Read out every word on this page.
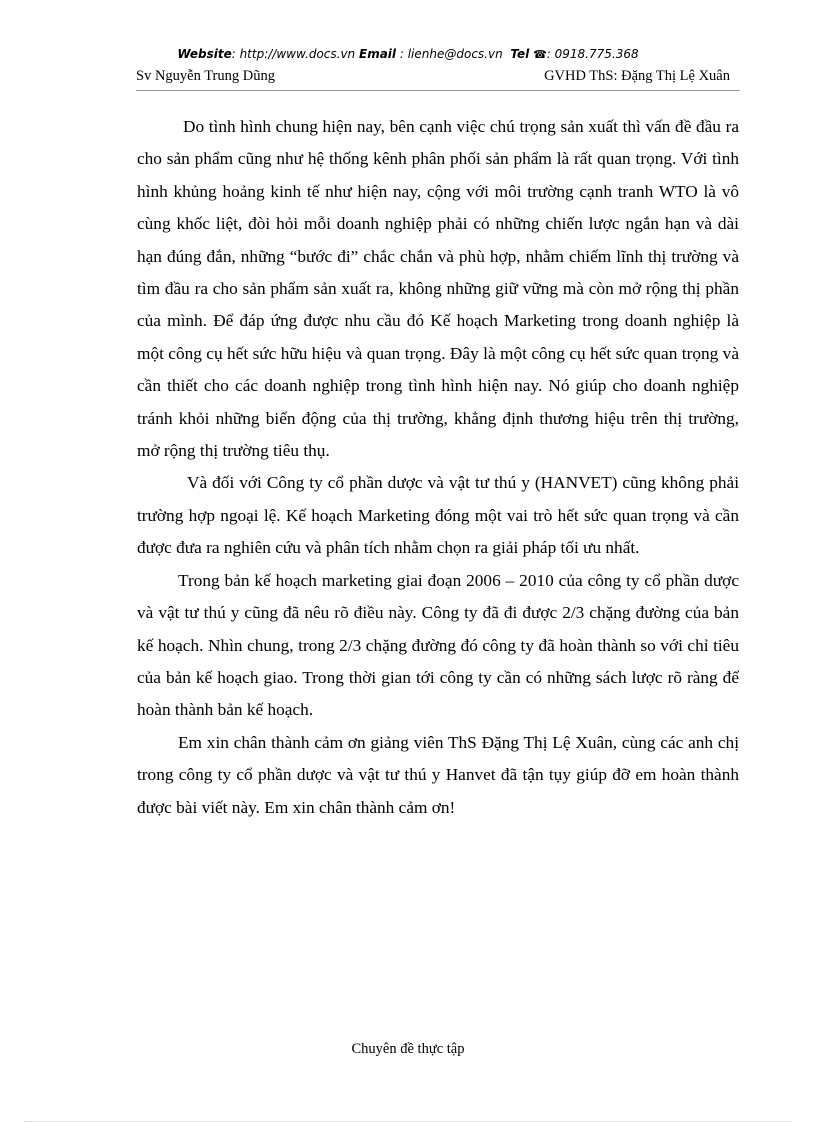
Website: http://www.docs.vn Email : lienhe@docs.vn Tel ☎: 0918.775.368
Sv Nguyễn Trung Dũng	GVHD ThS: Đặng Thị Lệ Xuân

Do tình hình chung hiện nay, bên cạnh việc chú trọng sản xuất thì vấn đề đầu ra cho sản phẩm cũng như hệ thống kênh phân phối sản phẩm là rất quan trọng. Với tình hình khủng hoảng kinh tế như hiện nay, cộng với môi trường cạnh tranh WTO là vô cùng khốc liệt, đòi hỏi mỗi doanh nghiệp phải có những chiến lược ngắn hạn và dài hạn đúng đắn, những “bước đi” chắc chắn và phù hợp, nhằm chiếm lĩnh thị trường và tìm đầu ra cho sản phẩm sản xuất ra, không những giữ vững mà còn mở rộng thị phần của mình. Để đáp ứng được nhu cầu đó Kế hoạch Marketing trong doanh nghiệp là một công cụ hết sức hữu hiệu và quan trọng. Đây là một công cụ hết sức quan trọng và cần thiết cho các doanh nghiệp trong tình hình hiện nay. Nó giúp cho doanh nghiệp tránh khỏi những biến động của thị trường, khẳng định thương hiệu trên thị trường, mở rộng thị trường tiêu thụ.

Và đối với Công ty cổ phần dược và vật tư thú y (HANVET) cũng không phải trường hợp ngoại lệ. Kế hoạch Marketing đóng một vai trò hết sức quan trọng và cần được đưa ra nghiên cứu và phân tích nhằm chọn ra giải pháp tối ưu nhất.

Trong bản kế hoạch marketing giai đoạn 2006 – 2010 của công ty cổ phần dược và vật tư thú y cũng đã nêu rõ điều này. Công ty đã đi được 2/3 chặng đường của bản kế hoạch. Nhìn chung, trong 2/3 chặng đường đó công ty đã hoàn thành so với chỉ tiêu của bản kế hoạch giao. Trong thời gian tới công ty cần có những sách lược rõ ràng để hoàn thành bản kế hoạch.

Em xin chân thành cảm ơn giảng viên ThS Đặng Thị Lệ Xuân, cùng các anh chị trong công ty cổ phần dược và vật tư thú y Hanvet đã tận tụy giúp đỡ em hoàn thành được bài viết này. Em xin chân thành cảm ơn!

Chuyên đề thực tập
